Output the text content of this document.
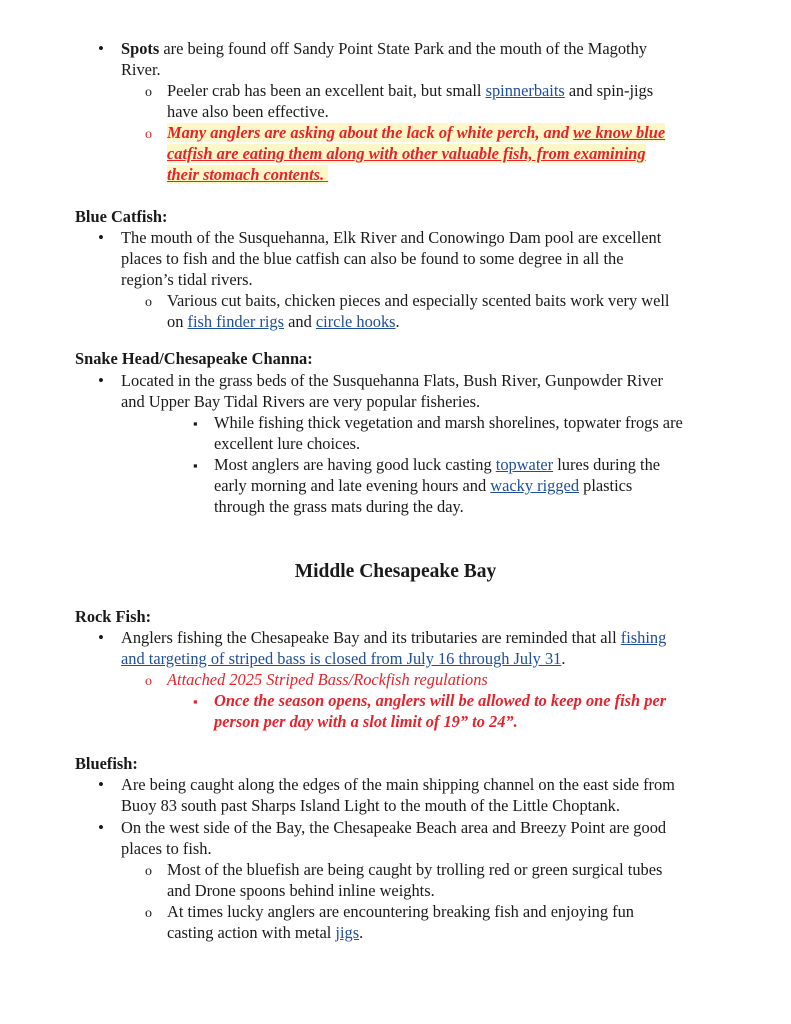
•
Spots are being found off Sandy Point State Park and the mouth of the Magothy
River.
o
Peeler crab has been an excellent bait, but small spinnerbaits and spin-jigs
have also been effective.
o
Many anglers are asking about the lack of white perch, and we know blue
catfish are eating them along with other valuable fish, from examining
their stomach contents.
Blue Catfish:
•
The mouth of the Susquehanna, Elk River and Conowingo Dam pool are excellent
places to fish and the blue catfish can also be found to some degree in all the
region’s tidal rivers.
o
Various cut baits, chicken pieces and especially scented baits work very well
on fish finder rigs and circle hooks.
Snake Head/Chesapeake Channa:
•
Located in the grass beds of the Susquehanna Flats, Bush River, Gunpowder River
and Upper Bay Tidal Rivers are very popular fisheries.
▪
While fishing thick vegetation and marsh shorelines, topwater frogs are
excellent lure choices.
▪
Most anglers are having good luck casting topwater lures during the
early morning and late evening hours and wacky rigged plastics
through the grass mats during the day.
Middle Chesapeake Bay
Rock Fish:
•
Anglers fishing the Chesapeake Bay and its tributaries are reminded that all fishing
and targeting of striped bass is closed from July 16 through July 31.
o
Attached 2025 Striped Bass/Rockfish regulations
▪
Once the season opens, anglers will be allowed to keep one fish per
person per day with a slot limit of 19” to 24”.
Bluefish:
•
Are being caught along the edges of the main shipping channel on the east side from
Buoy 83 south past Sharps Island Light to the mouth of the Little Choptank.
•
On the west side of the Bay, the Chesapeake Beach area and Breezy Point are good
places to fish.
o
Most of the bluefish are being caught by trolling red or green surgical tubes
and Drone spoons behind inline weights.
o
At times lucky anglers are encountering breaking fish and enjoying fun
casting action with metal jigs.
